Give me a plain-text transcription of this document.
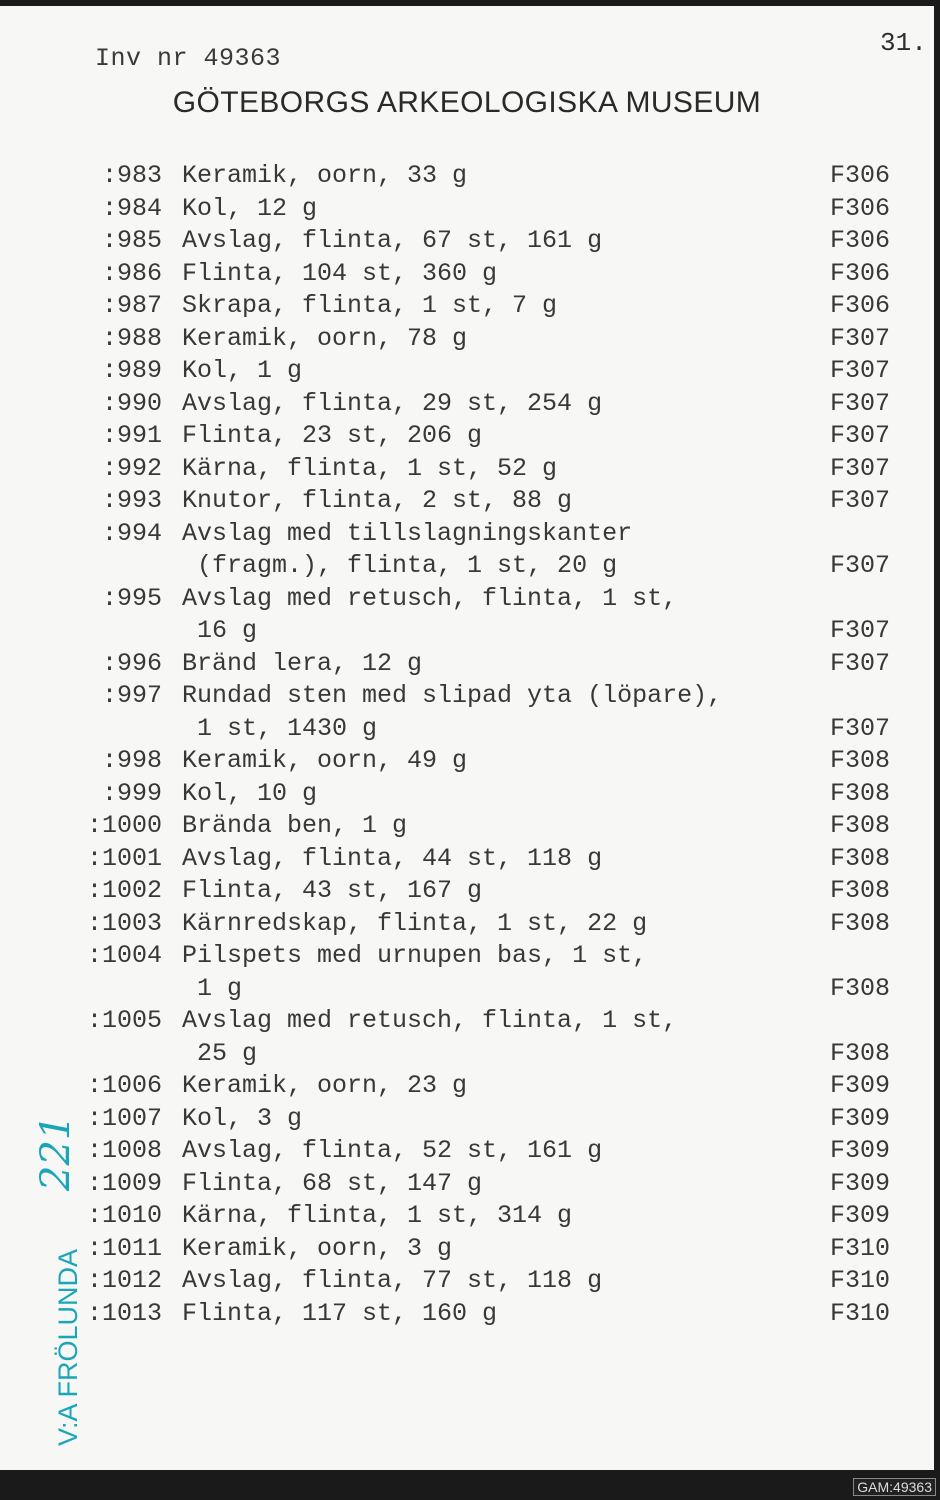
Inv nr 49363
31.
GÖTEBORGS ARKEOLOGISKA MUSEUM
:983 Keramik, oorn, 33 g	F306
:984 Kol, 12 g	F306
:985 Avslag, flinta, 67 st, 161 g	F306
:986 Flinta, 104 st, 360 g	F306
:987 Skrapa, flinta, 1 st, 7 g	F306
:988 Keramik, oorn, 78 g	F307
:989 Kol, 1 g	F307
:990 Avslag, flinta, 29 st, 254 g	F307
:991 Flinta, 23 st, 206 g	F307
:992 Kärna, flinta, 1 st, 52 g	F307
:993 Knutor, flinta, 2 st, 88 g	F307
:994 Avslag med tillslagningskanter
(fragm.), flinta, 1 st, 20 g	F307
:995 Avslag med retusch, flinta, 1 st,
16 g	F307
:996 Bränd lera, 12 g	F307
:997 Rundad sten med slipad yta (löpare),
1 st, 1430 g	F307
:998 Keramik, oorn, 49 g	F308
:999 Kol, 10 g	F308
:1000 Brända ben, 1 g	F308
:1001 Avslag, flinta, 44 st, 118 g	F308
:1002 Flinta, 43 st, 167 g	F308
:1003 Kärnredskap, flinta, 1 st, 22 g	F308
:1004 Pilspets med urnupen bas, 1 st,
1 g	F308
:1005 Avslag med retusch, flinta, 1 st,
25 g	F308
:1006 Keramik, oorn, 23 g	F309
:1007 Kol, 3 g	F309
:1008 Avslag, flinta, 52 st, 161 g	F309
:1009 Flinta, 68 st, 147 g	F309
:1010 Kärna, flinta, 1 st, 314 g	F309
:1011 Keramik, oorn, 3 g	F310
:1012 Avslag, flinta, 77 st, 118 g	F310
:1013 Flinta, 117 st, 160 g	F310
V:A FRÖLUNDA
221
GAM:49363
